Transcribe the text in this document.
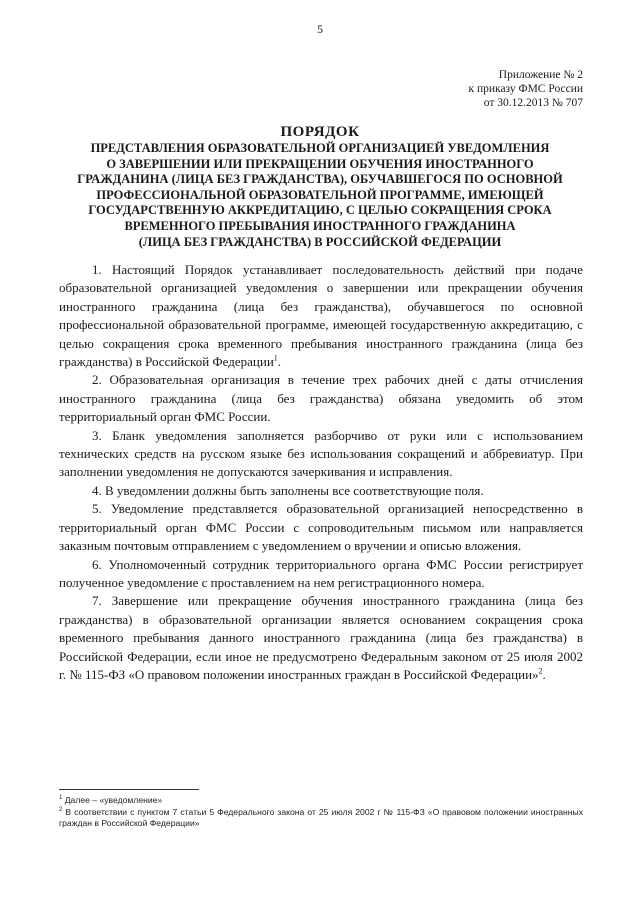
5
Приложение № 2
к приказу ФМС России
от 30.12.2013 № 707
ПОРЯДОК
ПРЕДСТАВЛЕНИЯ ОБРАЗОВАТЕЛЬНОЙ ОРГАНИЗАЦИЕЙ УВЕДОМЛЕНИЯ
О ЗАВЕРШЕНИИ ИЛИ ПРЕКРАЩЕНИИ ОБУЧЕНИЯ ИНОСТРАННОГО
ГРАЖДАНИНА (ЛИЦА БЕЗ ГРАЖДАНСТВА), ОБУЧАВШЕГОСЯ ПО ОСНОВНОЙ
ПРОФЕССИОНАЛЬНОЙ ОБРАЗОВАТЕЛЬНОЙ ПРОГРАММЕ, ИМЕЮЩЕЙ
ГОСУДАРСТВЕННУЮ АККРЕДИТАЦИЮ, С ЦЕЛЬЮ СОКРАЩЕНИЯ СРОКА
ВРЕМЕННОГО ПРЕБЫВАНИЯ ИНОСТРАННОГО ГРАЖДАНИНА
(ЛИЦА БЕЗ ГРАЖДАНСТВА) В РОССИЙСКОЙ ФЕДЕРАЦИИ

1. Настоящий Порядок устанавливает последовательность действий при подаче образовательной организацией уведомления о завершении или прекращении обучения иностранного гражданина (лица без гражданства), обучавшегося по основной профессиональной образовательной программе, имеющей государственную аккредитацию, с целью сокращения срока временного пребывания иностранного гражданина (лица без гражданства) в Российской Федерации$^1$.

2. Образовательная организация в течение трех рабочих дней с даты отчисления иностранного гражданина (лица без гражданства) обязана уведомить об этом территориальный орган ФМС России.

3. Бланк уведомления заполняется разборчиво от руки или с использованием технических средств на русском языке без использования сокращений и аббревиатур. При заполнении уведомления не допускаются зачеркивания и исправления.

4. В уведомлении должны быть заполнены все соответствующие поля.

5. Уведомление представляется образовательной организацией непосредственно в территориальный орган ФМС России с сопроводительным письмом или направляется заказным почтовым отправлением с уведомлением о вручении и описью вложения.

6. Уполномоченный сотрудник территориального органа ФМС России регистрирует полученное уведомление с проставлением на нем регистрационного номера.

7. Завершение или прекращение обучения иностранного гражданина (лица без гражданства) в образовательной организации является основанием сокращения срока временного пребывания данного иностранного гражданина (лица без гражданства) в Российской Федерации, если иное не предусмотрено Федеральным законом от 25 июля 2002 г. № 115-ФЗ «О правовом положении иностранных граждан в Российской Федерации»$^2$.

$^1$ Далее – «уведомление»

$^2$ В соответствии с пунктом 7 статьи 5 Федерального закона от 25 июля 2002 г № 115-ФЗ «О правовом положении иностранных граждан в Российской Федерации»
